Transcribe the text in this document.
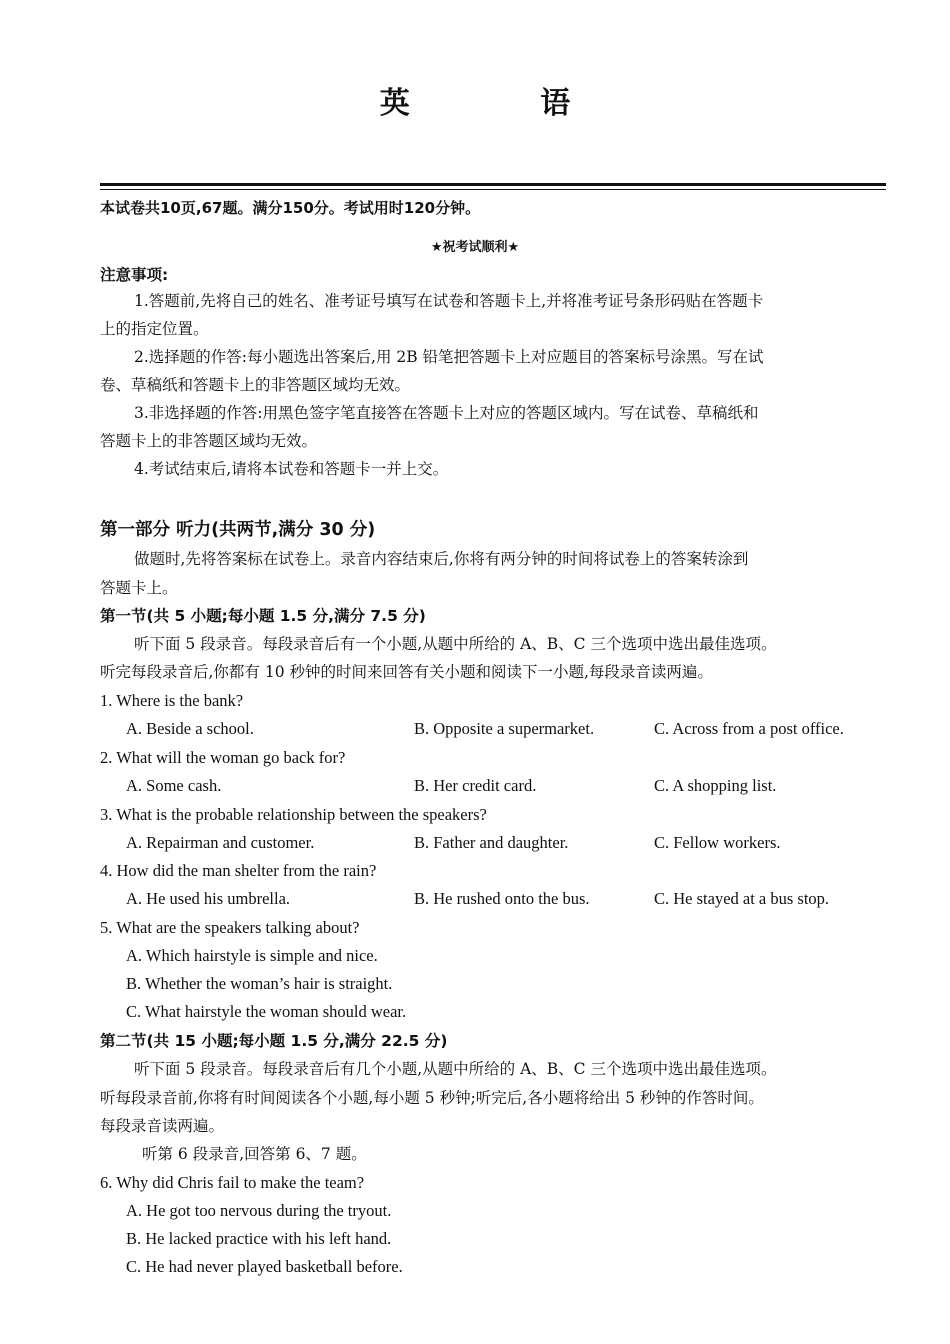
英 语
本试卷共10页,67题。满分150分。考试用时120分钟。
★祝考试顺利★
注意事项:
1.答题前,先将自己的姓名、准考证号填写在试卷和答题卡上,并将准考证号条形码贴在答题卡
上的指定位置。
2.选择题的作答:每小题选出答案后,用 2B 铅笔把答题卡上对应题目的答案标号涂黑。写在试
卷、草稿纸和答题卡上的非答题区域均无效。
3.非选择题的作答:用黑色签字笔直接答在答题卡上对应的答题区域内。写在试卷、草稿纸和
答题卡上的非答题区域均无效。
4.考试结束后,请将本试卷和答题卡一并上交。
第一部分 听力(共两节,满分 30 分)
做题时,先将答案标在试卷上。录音内容结束后,你将有两分钟的时间将试卷上的答案转涂到
答题卡上。
第一节(共 5 小题;每小题 1.5 分,满分 7.5 分)
听下面 5 段录音。每段录音后有一个小题,从题中所给的 A、B、C 三个选项中选出最佳选项。
听完每段录音后,你都有 10 秒钟的时间来回答有关小题和阅读下一小题,每段录音读两遍。
1. Where is the bank?
A. Beside a school.	B. Opposite a supermarket.	C. Across from a post office.
2. What will the woman go back for?
A. Some cash.	B. Her credit card.	C. A shopping list.
3. What is the probable relationship between the speakers?
A. Repairman and customer.	B. Father and daughter.	C. Fellow workers.
4. How did the man shelter from the rain?
A. He used his umbrella.	B. He rushed onto the bus.	C. He stayed at a bus stop.
5. What are the speakers talking about?
A. Which hairstyle is simple and nice.
B. Whether the woman’s hair is straight.
C. What hairstyle the woman should wear.
第二节(共 15 小题;每小题 1.5 分,满分 22.5 分)
听下面 5 段录音。每段录音后有几个小题,从题中所给的 A、B、C 三个选项中选出最佳选项。
听每段录音前,你将有时间阅读各个小题,每小题 5 秒钟;听完后,各小题将给出 5 秒钟的作答时间。
每段录音读两遍。
听第 6 段录音,回答第 6、7 题。
6. Why did Chris fail to make the team?
A. He got too nervous during the tryout.
B. He lacked practice with his left hand.
C. He had never played basketball before.
